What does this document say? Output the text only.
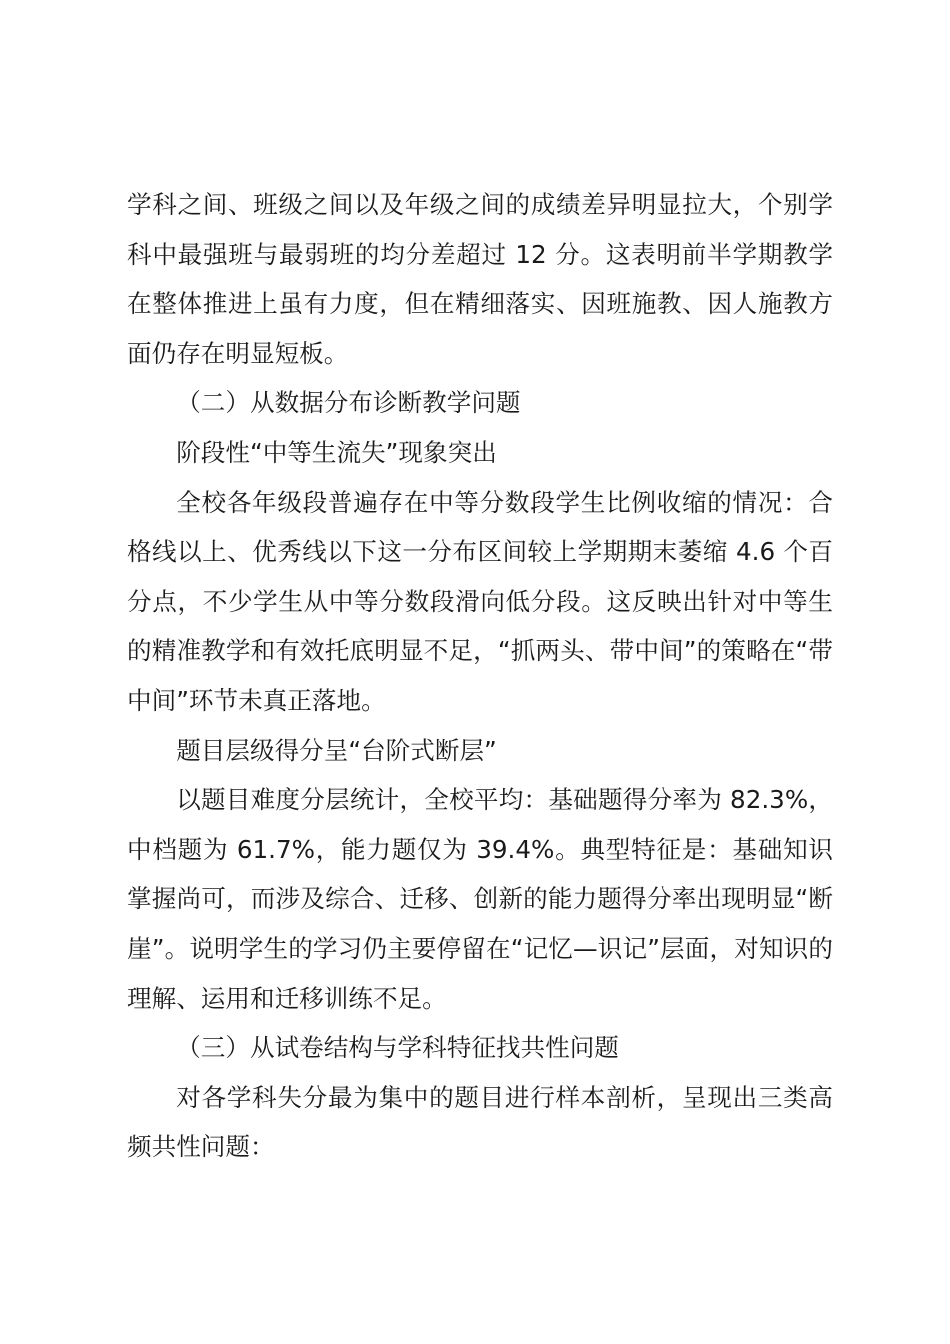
学科之间、班级之间以及年级之间的成绩差异明显拉大，个别学科中最强班与最弱班的均分差超过 12 分。这表明前半学期教学在整体推进上虽有力度，但在精细落实、因班施教、因人施教方面仍存在明显短板。

（二）从数据分布诊断教学问题

阶段性“中等生流失”现象突出

全校各年级段普遍存在中等分数段学生比例收缩的情况：合格线以上、优秀线以下这一分布区间较上学期期末萎缩 4.6 个百分点，不少学生从中等分数段滑向低分段。这反映出针对中等生的精准教学和有效托底明显不足，“抓两头、带中间”的策略在“带中间”环节未真正落地。

题目层级得分呈“台阶式断层”

以题目难度分层统计，全校平均：基础题得分率为 82.3%，中档题为 61.7%，能力题仅为 39.4%。典型特征是：基础知识掌握尚可，而涉及综合、迁移、创新的能力题得分率出现明显“断崖”。说明学生的学习仍主要停留在“记忆—识记”层面，对知识的理解、运用和迁移训练不足。

（三）从试卷结构与学科特征找共性问题

对各学科失分最为集中的题目进行样本剖析，呈现出三类高频共性问题：
